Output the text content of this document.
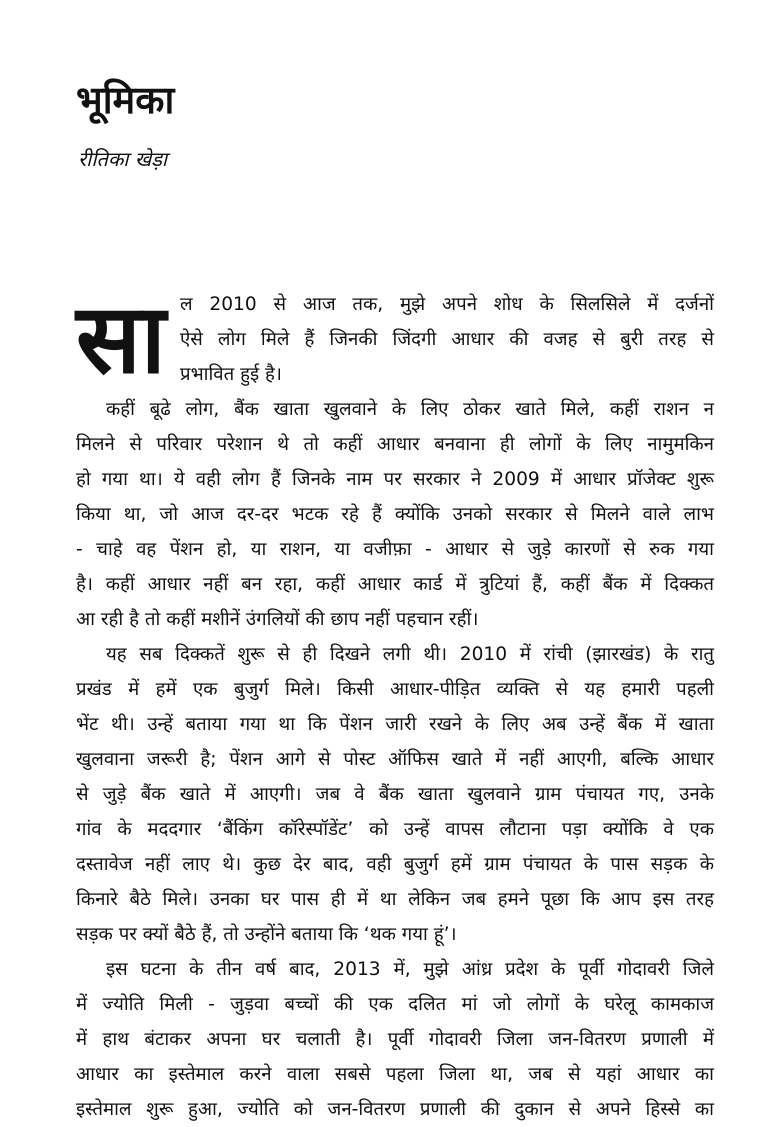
भूमिका

रीतिका खेड़ा

सा	ल 2010 से आज तक, मुझे अपने शोध के सिलसिले में दर्जनों
ऐसे लोग मिले हैं जिनकी जिंदगी आधार की वजह से बुरी तरह से
प्रभावित हुई है।
कहीं बूढे लोग, बैंक खाता खुलवाने के लिए ठोकर खाते मिले, कहीं राशन न
मिलने से परिवार परेशान थे तो कहीं आधार बनवाना ही लोगों के लिए नामुमकिन
हो गया था। ये वही लोग हैं जिनके नाम पर सरकार ने 2009 में आधार प्रॉजेक्ट शुरू
किया था, जो आज दर-दर भटक रहे हैं क्योंकि उनको सरकार से मिलने वाले लाभ
- चाहे वह पेंशन हो, या राशन, या वजीफ़ा - आधार से जुड़े कारणों से रुक गया
है। कहीं आधार नहीं बन रहा, कहीं आधार कार्ड में त्रुटियां हैं, कहीं बैंक में दिक्कत
आ रही है तो कहीं मशीनें उंगलियों की छाप नहीं पहचान रहीं।
यह सब दिक्कतें शुरू से ही दिखने लगी थी। 2010 में रांची (झारखंड) के रातु
प्रखंड में हमें एक बुजुर्ग मिले। किसी आधार-पीड़ित व्यक्ति से यह हमारी पहली
भेंट थी। उन्हें बताया गया था कि पेंशन जारी रखने के लिए अब उन्हें बैंक में खाता
खुलवाना जरूरी है; पेंशन आगे से पोस्ट ऑफिस खाते में नहीं आएगी, बल्कि आधार
से जुड़े बैंक खाते में आएगी। जब वे बैंक खाता खुलवाने ग्राम पंचायत गए, उनके
गांव के मददगार ‘बैंकिंग कॉरेस्पॉडेंट’ को उन्हें वापस लौटाना पड़ा क्योंकि वे एक
दस्तावेज नहीं लाए थे। कुछ देर बाद, वही बुजुर्ग हमें ग्राम पंचायत के पास सड़क के
किनारे बैठे मिले। उनका घर पास ही में था लेकिन जब हमने पूछा कि आप इस तरह
सड़क पर क्यों बैठे हैं, तो उन्होंने बताया कि ‘थक गया हूं’।
इस घटना के तीन वर्ष बाद, 2013 में, मुझे आंध्र प्रदेश के पूर्वी गोदावरी जिले
में ज्योति मिली - जुड़वा बच्चों की एक दलित मां जो लोगों के घरेलू कामकाज
में हाथ बंटाकर अपना घर चलाती है। पूर्वी गोदावरी जिला जन-वितरण प्रणाली में
आधार का इस्तेमाल करने वाला सबसे पहला जिला था, जब से यहां आधार का
इस्तेमाल शुरू हुआ, ज्योति को जन-वितरण प्रणाली की दुकान से अपने हिस्से का
